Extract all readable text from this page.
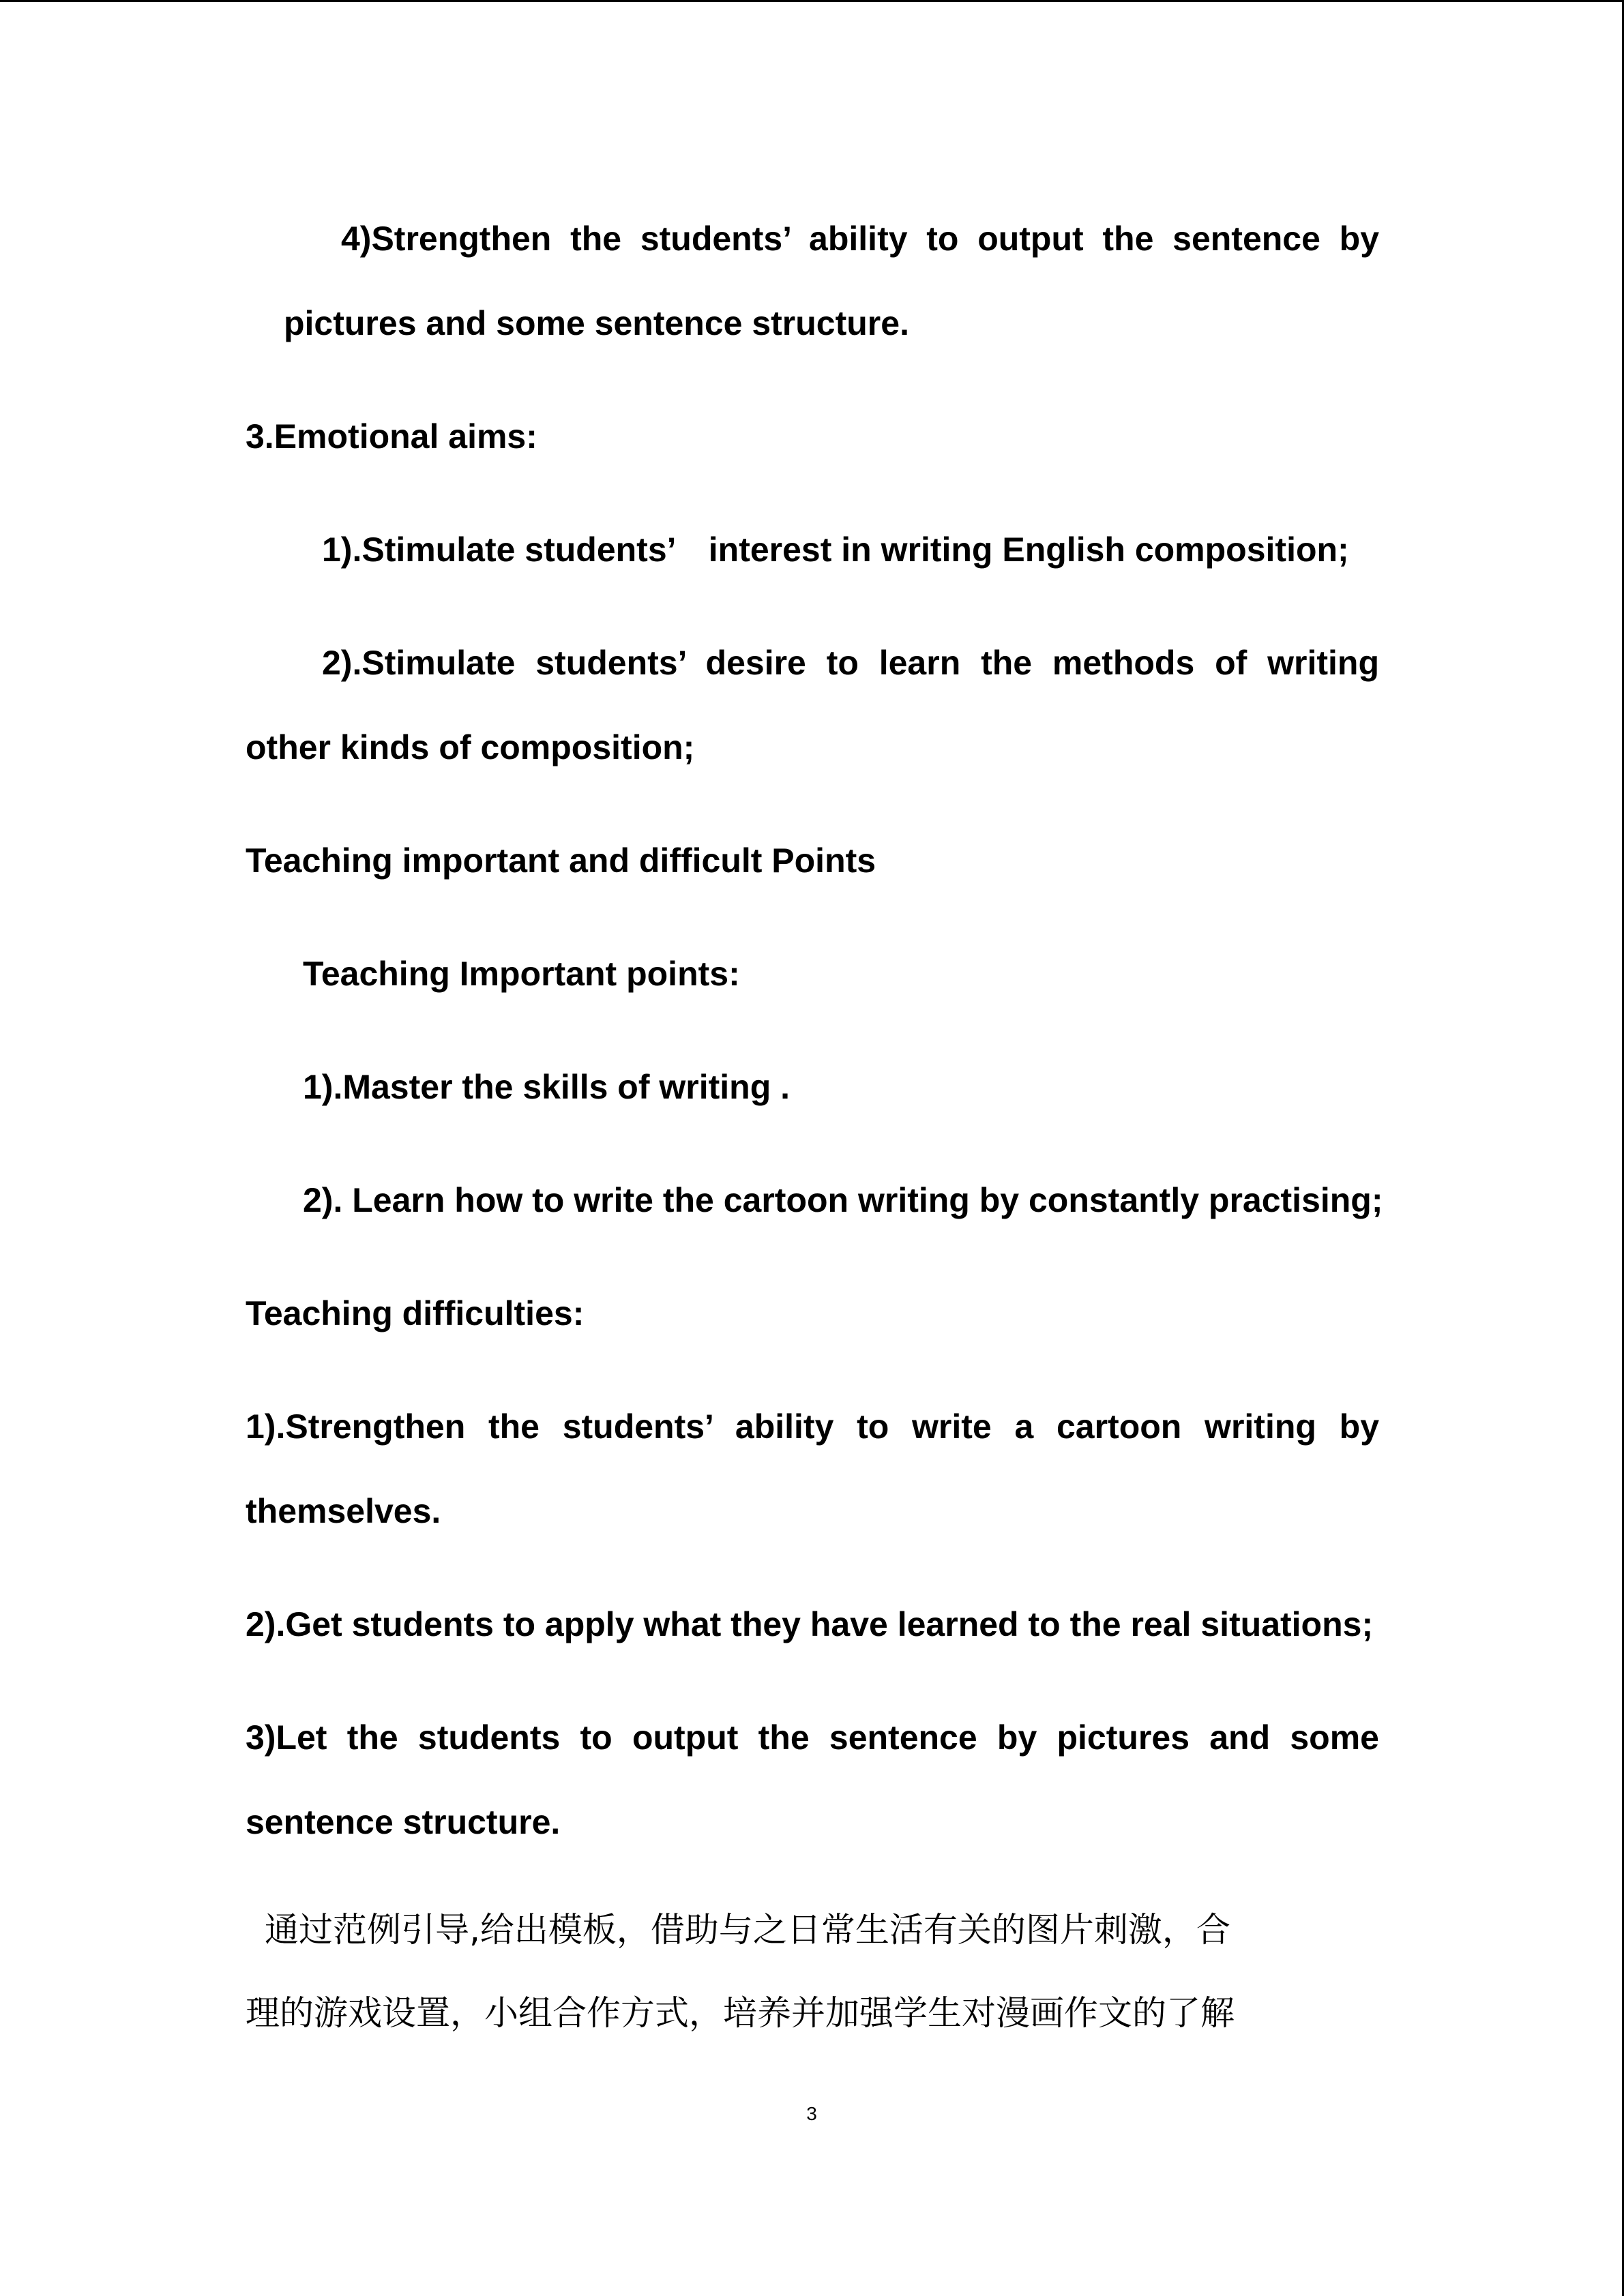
4)Strengthen the students’ ability to output the sentence by
pictures and some sentence structure.
3.Emotional aims:
1).Stimulate students’　interest in writing English composition;
2).Stimulate students’ desire to learn the methods of writing
other kinds of composition;
Teaching important and difficult Points
Teaching Important points:
1).Master the skills of writing .
2). Learn how to write the cartoon writing by constantly practising;
Teaching difficulties:
1).Strengthen the students’ ability to write a cartoon writing by
themselves.
2).Get students to apply what they have learned to the real situations;
3)Let the students to output the sentence by pictures and some
sentence structure.
通过范例引导,给出模板，借助与之日常生活有关的图片刺激，合
理的游戏设置，小组合作方式，培养并加强学生对漫画作文的了解
3
